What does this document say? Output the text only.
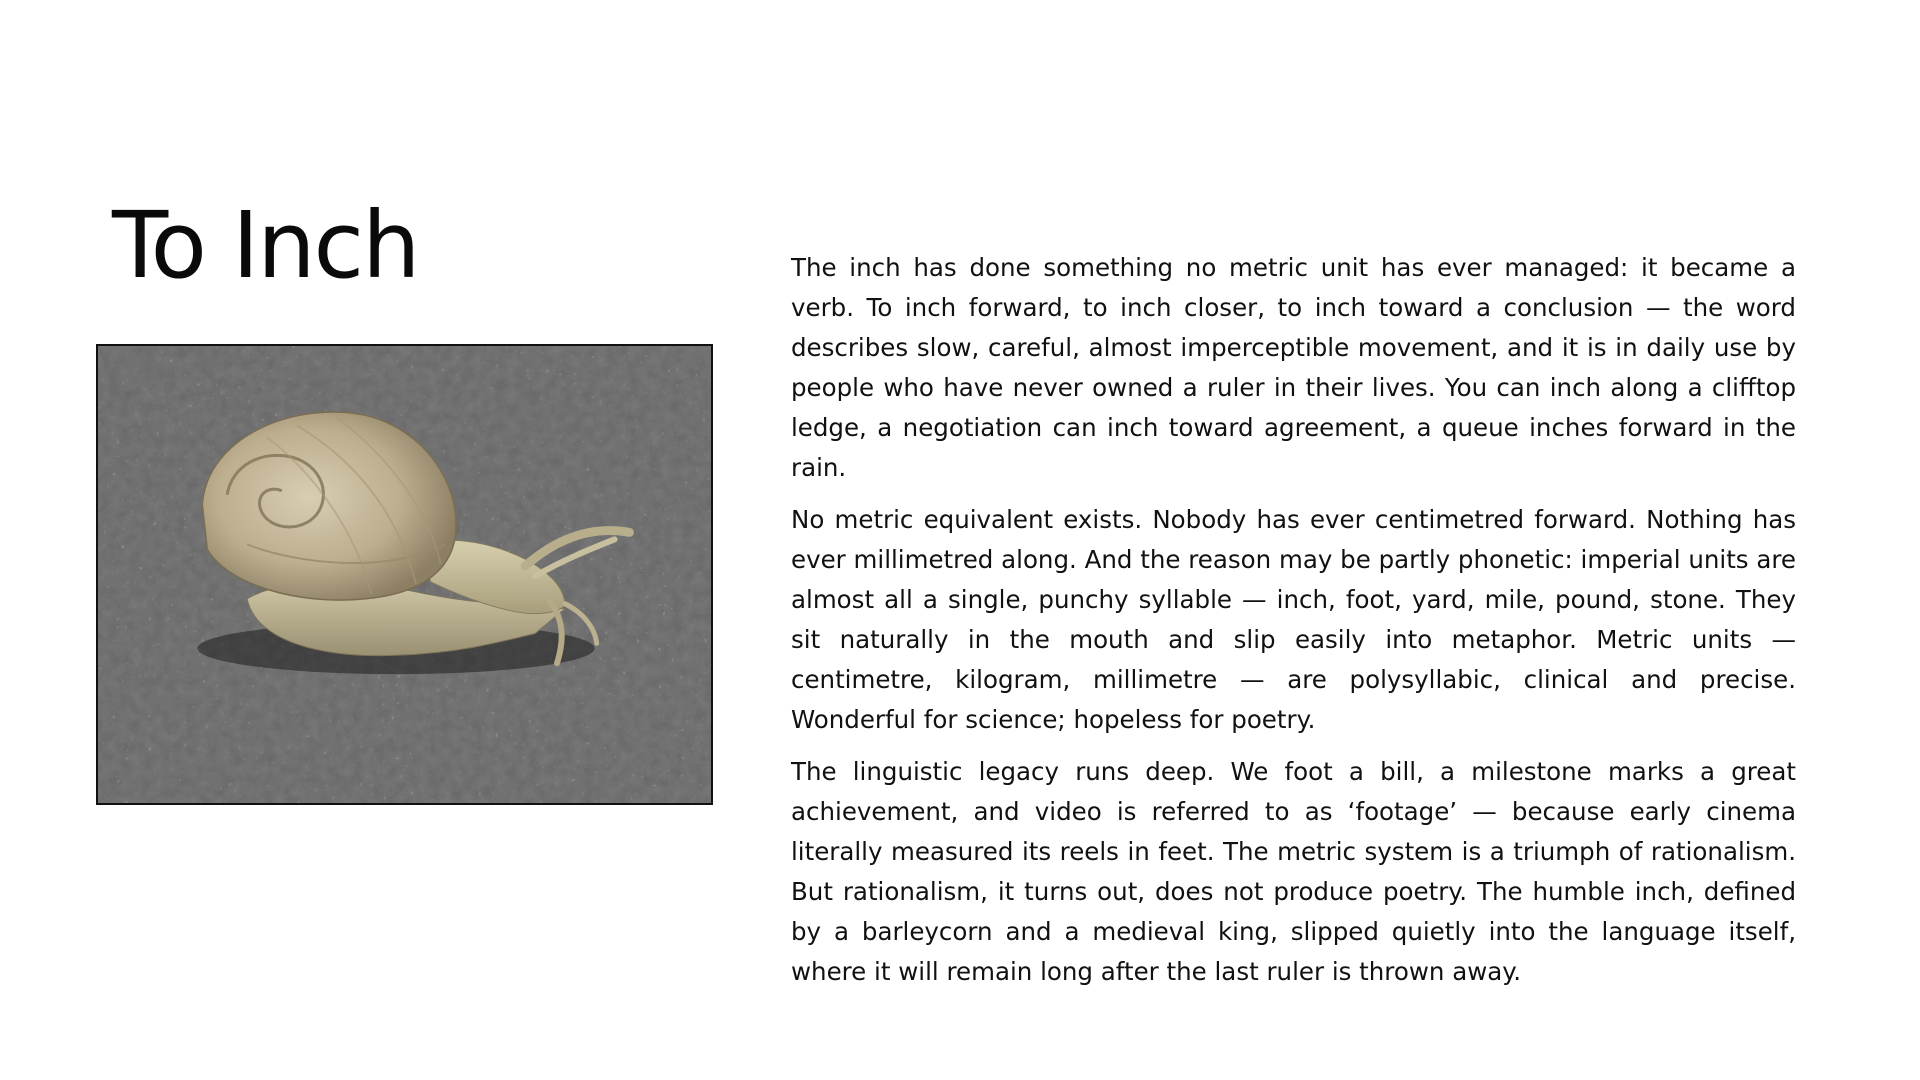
To Inch	The inch has done something no metric unit has ever managed: it became a verb. To inch forward, to inch closer, to inch toward a conclusion — the word describes slow, careful, almost imperceptible movement, and it is in daily use by people who have never owned a ruler in their lives. You can inch along a clifftop ledge, a negotiation can inch toward agreement, a queue inches forward in the rain.

No metric equivalent exists. Nobody has ever centimetred forward. Nothing has ever millimetred along. And the reason may be partly phonetic: imperial units are almost all a single, punchy syllable — inch, foot, yard, mile, pound, stone. They sit naturally in the mouth and slip easily into metaphor. Metric units — centimetre, kilogram, millimetre — are polysyllabic, clinical and precise. Wonderful for science; hopeless for poetry.

The linguistic legacy runs deep. We foot a bill, a milestone marks a great achievement, and video is referred to as ‘footage’ — because early cinema literally measured its reels in feet. The metric system is a triumph of rationalism. But rationalism, it turns out, does not produce poetry. The humble inch, defined by a barleycorn and a medieval king, slipped quietly into the language itself, where it will remain long after the last ruler is thrown away.
